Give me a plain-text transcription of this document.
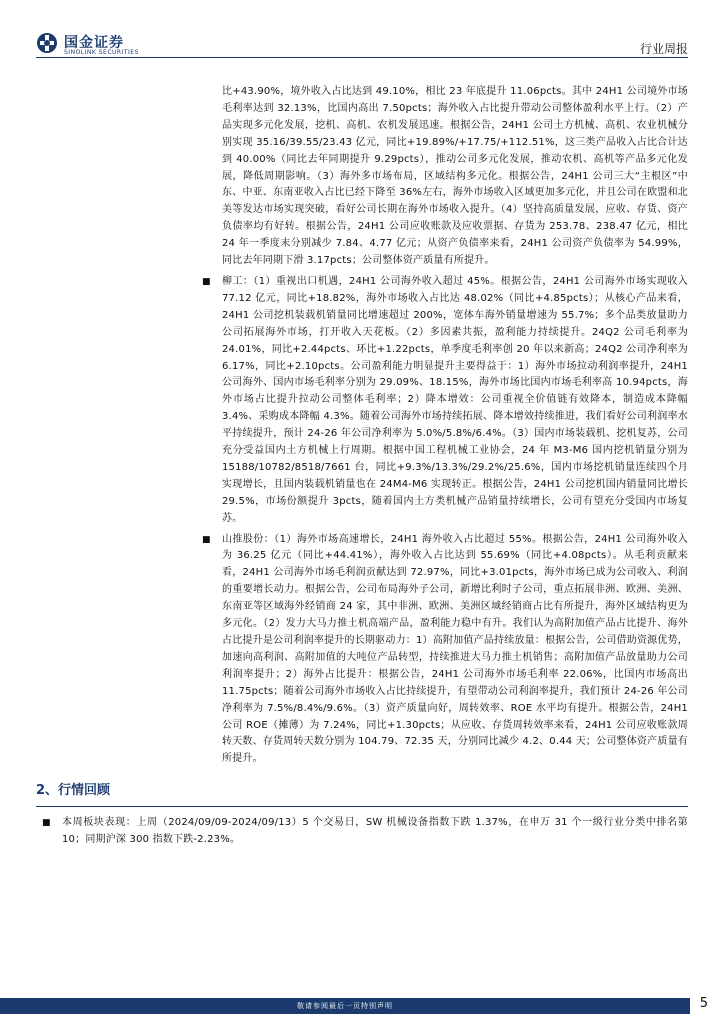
国金证券
SINOLINK SECURITIES	行业周报
比+43.90%，境外收入占比达到 49.10%，相比 23 年底提升 11.06pcts。其中 24H1 公司境外市场毛利率达到 32.13%，比国内高出 7.50pcts；海外收入占比提升带动公司整体盈利水平上行。（2）产品实现多元化发展，挖机、高机、农机发展迅速。根据公告，24H1 公司土方机械、高机、农业机械分别实现 35.16/39.55/23.43 亿元，同比+19.89%/+17.75/+112.51%，这三类产品收入占比合计达到 40.00%（同比去年同期提升 9.29pcts），推动公司多元化发展，推动农机、高机等产品多元化发展，降低周期影响。（3）海外多市场布局，区域结构多元化。根据公告，24H1 公司三大“主根区”中东、中亚、东南亚收入占比已经下降至 36%左右，海外市场收入区域更加多元化，并且公司在欧盟和北美等发达市场实现突破，看好公司长期在海外市场收入提升。（4）坚持高质量发展，应收、存货、资产负债率均有好转。根据公告，24H1 公司应收账款及应收票据、存货为 253.78、238.47 亿元，相比 24 年一季度末分别减少 7.84、4.77 亿元；从资产负债率来看，24H1 公司资产负债率为 54.99%，同比去年同期下滑 3.17pcts；公司整体资产质量有所提升。
■ 柳工：（1）重视出口机遇，24H1 公司海外收入超过 45%。根据公告，24H1 公司海外市场实现收入 77.12 亿元，同比+18.82%，海外市场收入占比达 48.02%（同比+4.85pcts）；从核心产品来看，24H1 公司挖机装载机销量同比增速超过 200%，宽体车海外销量增速为 55.7%；多个品类放量助力公司拓展海外市场，打开收入天花板。（2）多因素共振，盈利能力持续提升。24Q2 公司毛利率为 24.01%，同比+2.44pcts、环比+1.22pcts，单季度毛利率创 20 年以来新高；24Q2 公司净利率为 6.17%，同比+2.10pcts。公司盈利能力明显提升主要得益于：1）海外市场拉动利润率提升，24H1 公司海外、国内市场毛利率分别为 29.09%、18.15%，海外市场比国内市场毛利率高 10.94pcts，海外市场占比提升拉动公司整体毛利率；2）降本增效：公司重视全价值链有效降本，制造成本降幅 3.4%、采购成本降幅 4.3%。随着公司海外市场持续拓展、降本增效持续推进，我们看好公司利润率水平持续提升，预计 24-26 年公司净利率为 5.0%/5.8%/6.4%。（3）国内市场装载机、挖机复苏，公司充分受益国内土方机械上行周期。根据中国工程机械工业协会，24 年 M3-M6 国内挖机销量分别为 15188/10782/8518/7661 台，同比+9.3%/13.3%/29.2%/25.6%，国内市场挖机销量连续四个月实现增长，且国内装载机销量也在 24M4-M6 实现转正。根据公告，24H1 公司挖机国内销量同比增长 29.5%，市场份额提升 3pcts，随着国内土方类机械产品销量持续增长，公司有望充分受国内市场复苏。
■ 山推股份：（1）海外市场高速增长，24H1 海外收入占比超过 55%。根据公告，24H1 公司海外收入为 36.25 亿元（同比+44.41%），海外收入占比达到 55.69%（同比+4.08pcts）。从毛利贡献来看，24H1 公司海外市场毛利润贡献达到 72.97%，同比+3.01pcts，海外市场已成为公司收入、利润的重要增长动力。根据公告，公司布局海外子公司，新增比利时子公司，重点拓展非洲、欧洲、美洲、东南亚等区域海外经销商 24 家，其中非洲、欧洲、美洲区域经销商占比有所提升，海外区域结构更为多元化。（2）发力大马力推土机高端产品，盈利能力稳中有升。我们认为高附加值产品占比提升、海外占比提升是公司利润率提升的长期驱动力：1）高附加值产品持续放量：根据公告，公司借助资源优势，加速向高利润、高附加值的大吨位产品转型，持续推进大马力推土机销售；高附加值产品放量助力公司利润率提升；2）海外占比提升：根据公告，24H1 公司海外市场毛利率 22.06%，比国内市场高出 11.75pcts；随着公司海外市场收入占比持续提升，有望带动公司利润率提升，我们预计 24-26 年公司净利率为 7.5%/8.4%/9.6%。（3）资产质量向好，周转效率、ROE 水平均有提升。根据公告，24H1 公司 ROE（摊薄）为 7.24%，同比+1.30pcts；从应收、存货周转效率来看，24H1 公司应收账款周转天数、存货周转天数分别为 104.79、72.35 天，分别同比减少 4.2、0.44 天；公司整体资产质量有所提升。
2、行情回顾
■ 本周板块表现：上周（2024/09/09-2024/09/13）5 个交易日，SW 机械设备指数下跌 1.37%，在申万 31 个一级行业分类中排名第 10；同期沪深 300 指数下跌-2.23%。
敬请参阅最后一页特别声明	5
